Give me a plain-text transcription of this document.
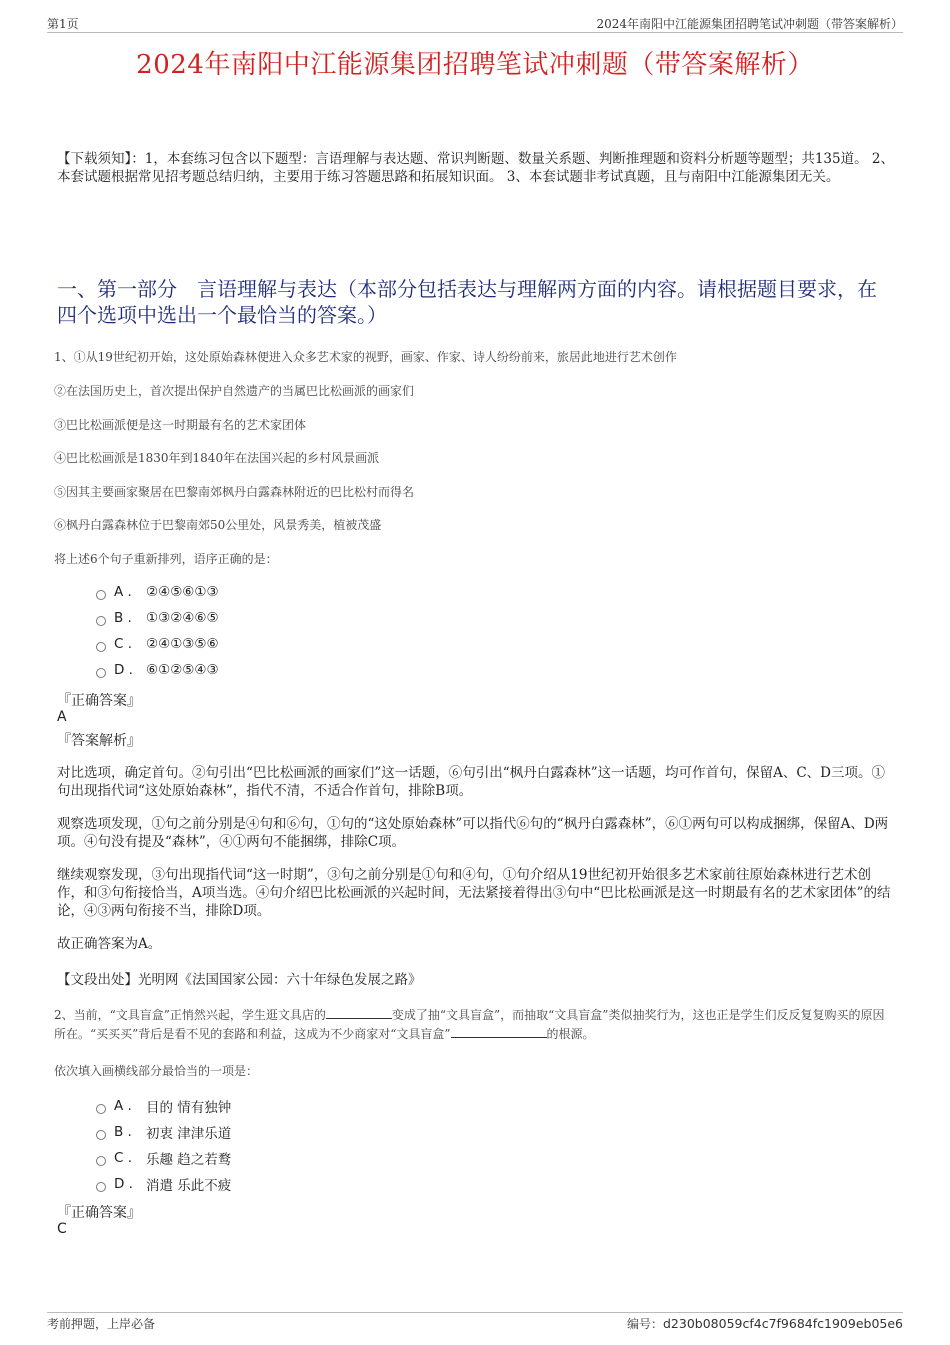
第1页	2024年南阳中江能源集团招聘笔试冲刺题（带答案解析）
2024年南阳中江能源集团招聘笔试冲刺题（带答案解析）
【下载须知】：1，本套练习包含以下题型：言语理解与表达题、常识判断题、数量关系题、判断推理题和资料分析题等题型；共135道。 2、本套试题根据常见招考题总结归纳，主要用于练习答题思路和拓展知识面。 3、本套试题非考试真题，且与南阳中江能源集团无关。
一、第一部分　言语理解与表达（本部分包括表达与理解两方面的内容。请根据题目要求，在四个选项中选出一个最恰当的答案。）
1、①从19世纪初开始，这处原始森林便进入众多艺术家的视野，画家、作家、诗人纷纷前来，旅居此地进行艺术创作
②在法国历史上，首次提出保护自然遗产的当属巴比松画派的画家们
③巴比松画派便是这一时期最有名的艺术家团体
④巴比松画派是1830年到1840年在法国兴起的乡村风景画派
⑤因其主要画家聚居在巴黎南郊枫丹白露森林附近的巴比松村而得名
⑥枫丹白露森林位于巴黎南郊50公里处，风景秀美，植被茂盛
将上述6个句子重新排列，语序正确的是：
A .	②④⑤⑥①③
B .	①③②④⑥⑤
C .	②④①③⑤⑥
D . ⑥①②⑤④③
『正确答案』
A
『答案解析』
对比选项，确定首句。②句引出“巴比松画派的画家们”这一话题，⑥句引出“枫丹白露森林”这一话题，均可作首句，保留A、C、D三项。①句出现指代词“这处原始森林”，指代不清，不适合作首句，排除B项。
观察选项发现，①句之前分别是④句和⑥句，①句的“这处原始森林”可以指代⑥句的“枫丹白露森林”，⑥①两句可以构成捆绑，保留A、D两项。④句没有提及“森林”，④①两句不能捆绑，排除C项。
继续观察发现，③句出现指代词“这一时期”，③句之前分别是①句和④句，①句介绍从19世纪初开始很多艺术家前往原始森林进行艺术创作，和③句衔接恰当，A项当选。④句介绍巴比松画派的兴起时间，无法紧接着得出③句中“巴比松画派是这一时期最有名的艺术家团体”的结论，④③两句衔接不当，排除D项。
故正确答案为A。
【文段出处】光明网《法国国家公园：六十年绿色发展之路》
2、当前，“文具盲盒”正悄然兴起，学生逛文具店的	变成了抽“文具盲盒”，而抽取“文具盲盒”类似抽奖行为，这也正是学生们反反复复购买的原因所在。“买买买”背后是看不见的套路和利益，这成为不少商家对“文具盲盒”	的根源。
依次填入画横线部分最恰当的一项是：
A .	目的 情有独钟
B .	初衷 津津乐道
C .	乐趣 趋之若鹜
D . 消遣 乐此不疲
『正确答案』
C
考前押题，上岸必备	编号：d230b08059cf4c7f9684fc1909eb05e6
